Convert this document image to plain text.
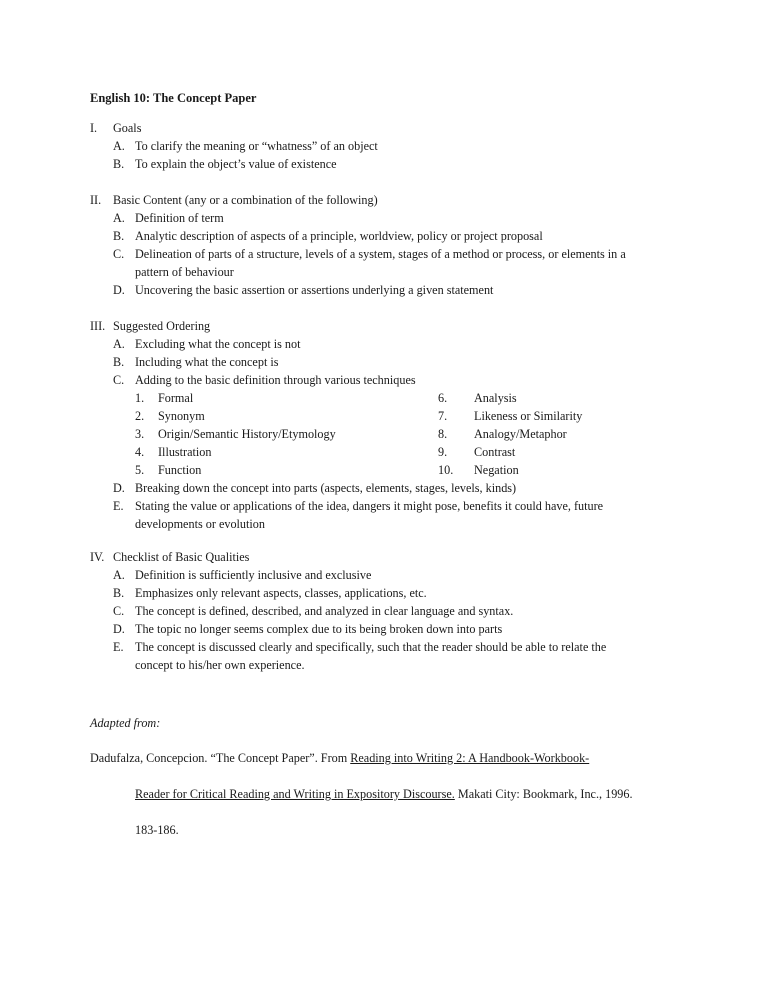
English 10: The Concept Paper
I. Goals
A. To clarify the meaning or “whatness” of an object
B. To explain the object’s value of existence
II. Basic Content (any or a combination of the following)
A. Definition of term
B. Analytic description of aspects of a principle, worldview, policy or project proposal
C. Delineation of parts of a structure, levels of a system, stages of a method or process, or elements in a
pattern of behaviour
D. Uncovering the basic assertion or assertions underlying a given statement
III. Suggested Ordering
A. Excluding what the concept is not
B. Including what the concept is
C. Adding to the basic definition through various techniques
1. Formal	6. Analysis
2. Synonym	7. Likeness or Similarity
3. Origin/Semantic History/Etymology	8. Analogy/Metaphor
4. Illustration	9. Contrast
5. Function	10. Negation
D. Breaking down the concept into parts (aspects, elements, stages, levels, kinds)
E. Stating the value or applications of the idea, dangers it might pose, benefits it could have, future
developments or evolution
IV. Checklist of Basic Qualities
A. Definition is sufficiently inclusive and exclusive
B. Emphasizes only relevant aspects, classes, applications, etc.
C. The concept is defined, described, and analyzed in clear language and syntax.
D. The topic no longer seems complex due to its being broken down into parts
E. The concept is discussed clearly and specifically, such that the reader should be able to relate the
concept to his/her own experience.
Adapted from:
Dadufalza, Concepcion. “The Concept Paper”. From Reading into Writing 2: A Handbook-Workbook-
Reader for Critical Reading and Writing in Expository Discourse. Makati City: Bookmark, Inc., 1996.
183-186.
